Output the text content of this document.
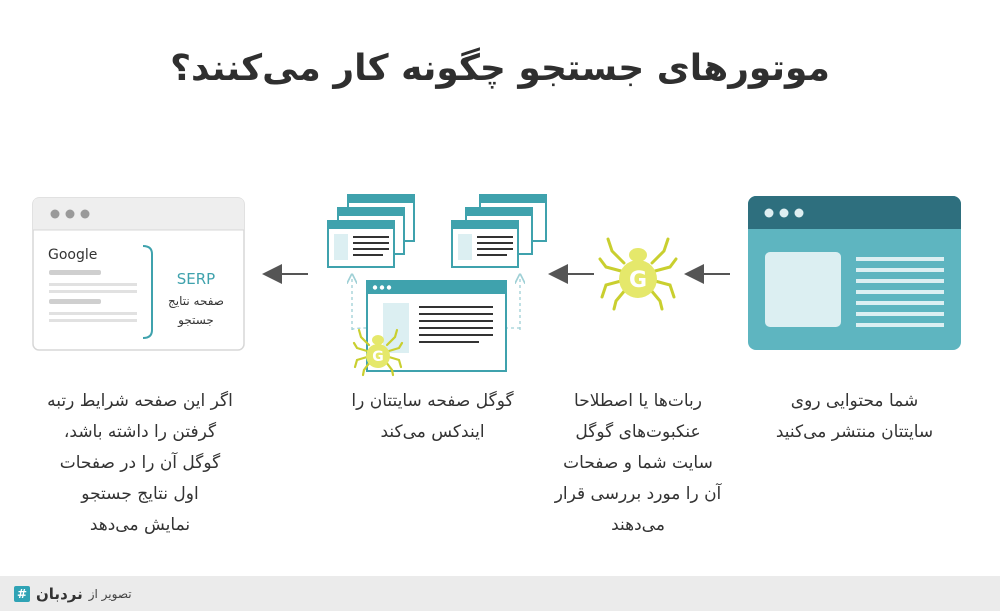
موتورهای جستجو چگونه کار می‌کنند؟
G
G
Google
SERP
صفحه نتایج
جستجو
شما محتوایی روی
سایتتان منتشر می‌کنید
ربات‌ها یا اصطلاحا
عنکبوت‌های گوگل
سایت شما و صفحات
آن را مورد بررسی قرار
می‌دهند
گوگل صفحه سایتتان را
ایندکس می‌کند
اگر این صفحه شرایط رتبه
گرفتن را داشته باشد،
گوگل آن را در صفحات
اول نتایج جستجو
نمایش می‌دهد
# نردبان تصویر از
